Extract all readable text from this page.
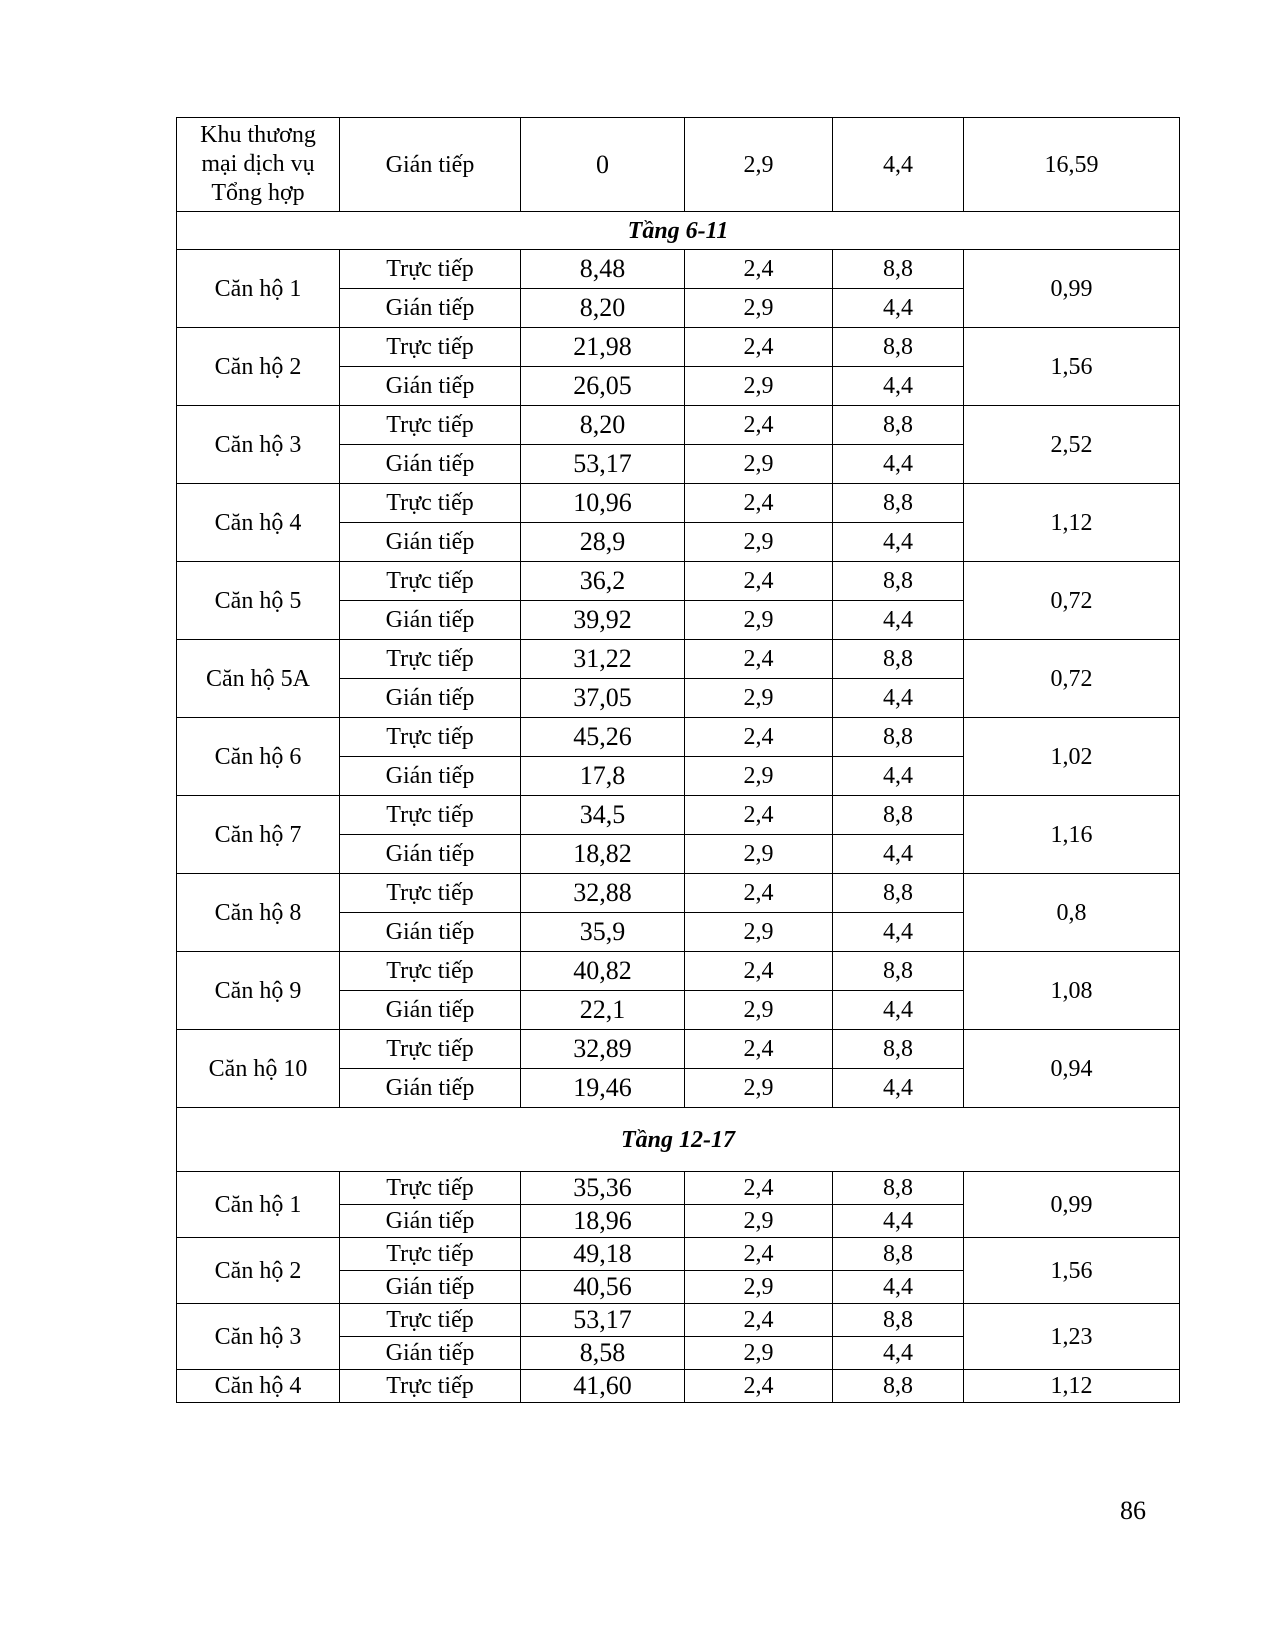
Khu thương mại dịch vụ Tổng hợp	Gián tiếp	0	2,9	4,4	16,59
Tầng 6-11					
Căn hộ 1	Trực tiếp	8,48	2,4	8,8	0,99
	Gián tiếp	8,20	2,9	4,4	
Căn hộ 2	Trực tiếp	21,98	2,4	8,8	1,56
	Gián tiếp	26,05	2,9	4,4	
Căn hộ 3	Trực tiếp	8,20	2,4	8,8	2,52
	Gián tiếp	53,17	2,9	4,4	
Căn hộ 4	Trực tiếp	10,96	2,4	8,8	1,12
	Gián tiếp	28,9	2,9	4,4	
Căn hộ 5	Trực tiếp	36,2	2,4	8,8	0,72
	Gián tiếp	39,92	2,9	4,4	
Căn hộ 5A	Trực tiếp	31,22	2,4	8,8	0,72
	Gián tiếp	37,05	2,9	4,4	
Căn hộ 6	Trực tiếp	45,26	2,4	8,8	1,02
	Gián tiếp	17,8	2,9	4,4	
Căn hộ 7	Trực tiếp	34,5	2,4	8,8	1,16
	Gián tiếp	18,82	2,9	4,4	
Căn hộ 8	Trực tiếp	32,88	2,4	8,8	0,8
	Gián tiếp	35,9	2,9	4,4	
Căn hộ 9	Trực tiếp	40,82	2,4	8,8	1,08
	Gián tiếp	22,1	2,9	4,4	
Căn hộ 10	Trực tiếp	32,89	2,4	8,8	0,94
	Gián tiếp	19,46	2,9	4,4	
Tầng 12-17					
Căn hộ 1	Trực tiếp	35,36	2,4	8,8	0,99
	Gián tiếp	18,96	2,9	4,4	
Căn hộ 2	Trực tiếp	49,18	2,4	8,8	1,56
	Gián tiếp	40,56	2,9	4,4	
Căn hộ 3	Trực tiếp	53,17	2,4	8,8	1,23
	Gián tiếp	8,58	2,9	4,4	
Căn hộ 4	Trực tiếp	41,60	2,4	8,8	1,12
86
